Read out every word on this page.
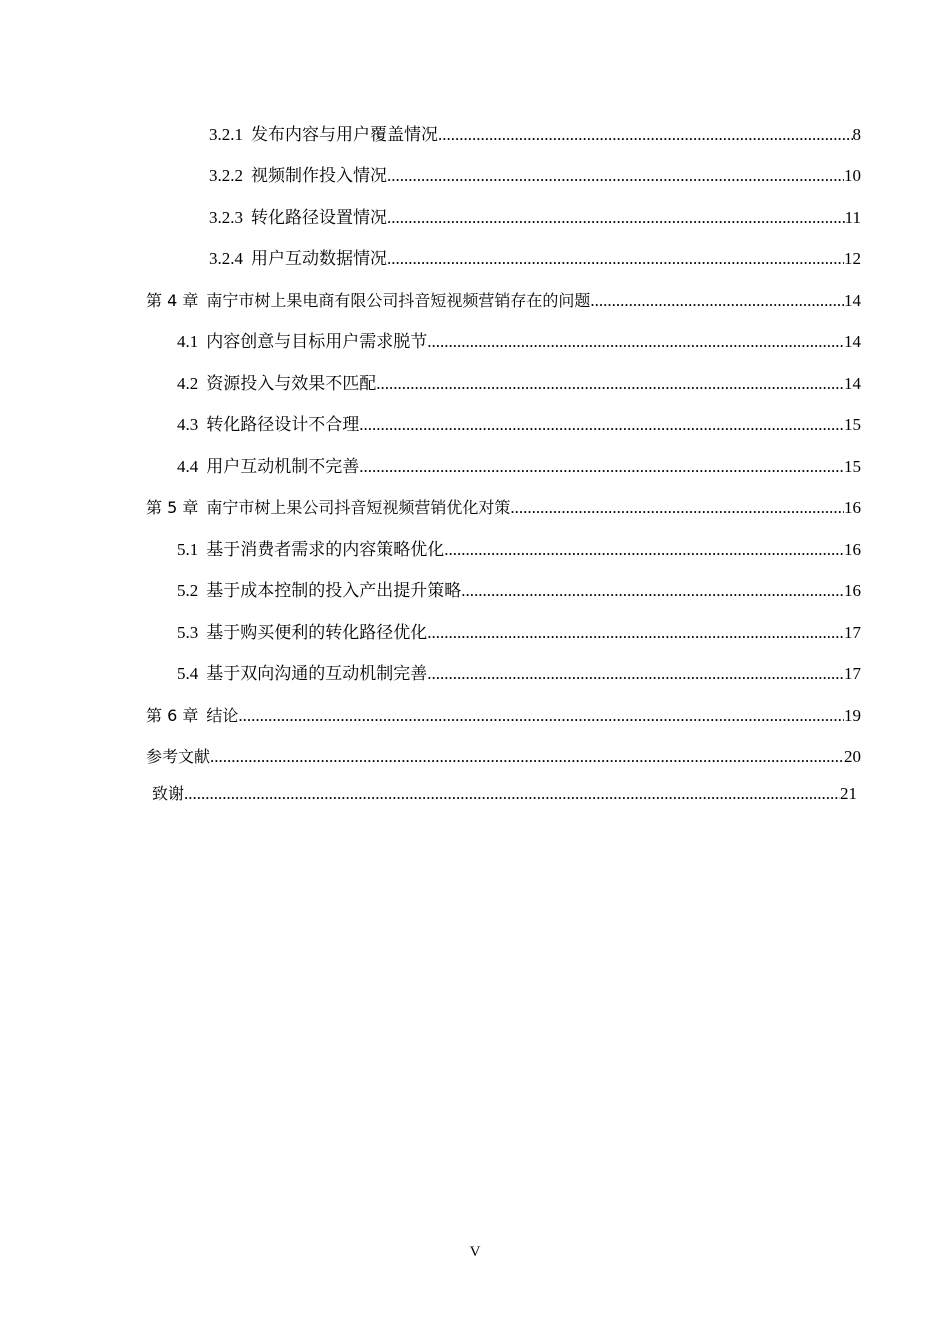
3.2.1 发布内容与用户覆盖情况 .....	8
3.2.2 视频制作投入情况 .....	10
3.2.3 转化路径设置情况 .....	11
3.2.4 用户互动数据情况 .....	12
第 4 章 南宁市树上果电商有限公司抖音短视频营销存在的问题 .....	14
4.1 内容创意与目标用户需求脱节 .....	14
4.2 资源投入与效果不匹配 .....	14
4.3 转化路径设计不合理 .....	15
4.4 用户互动机制不完善 .....	15
第 5 章 南宁市树上果公司抖音短视频营销优化对策 .....	16
5.1 基于消费者需求的内容策略优化 .....	16
5.2 基于成本控制的投入产出提升策略 .....	16
5.3 基于购买便利的转化路径优化 .....	17
5.4 基于双向沟通的互动机制完善 .....	17
第 6 章 结论 .....	19
参考文献 .....	20
致谢 .....	21
V
